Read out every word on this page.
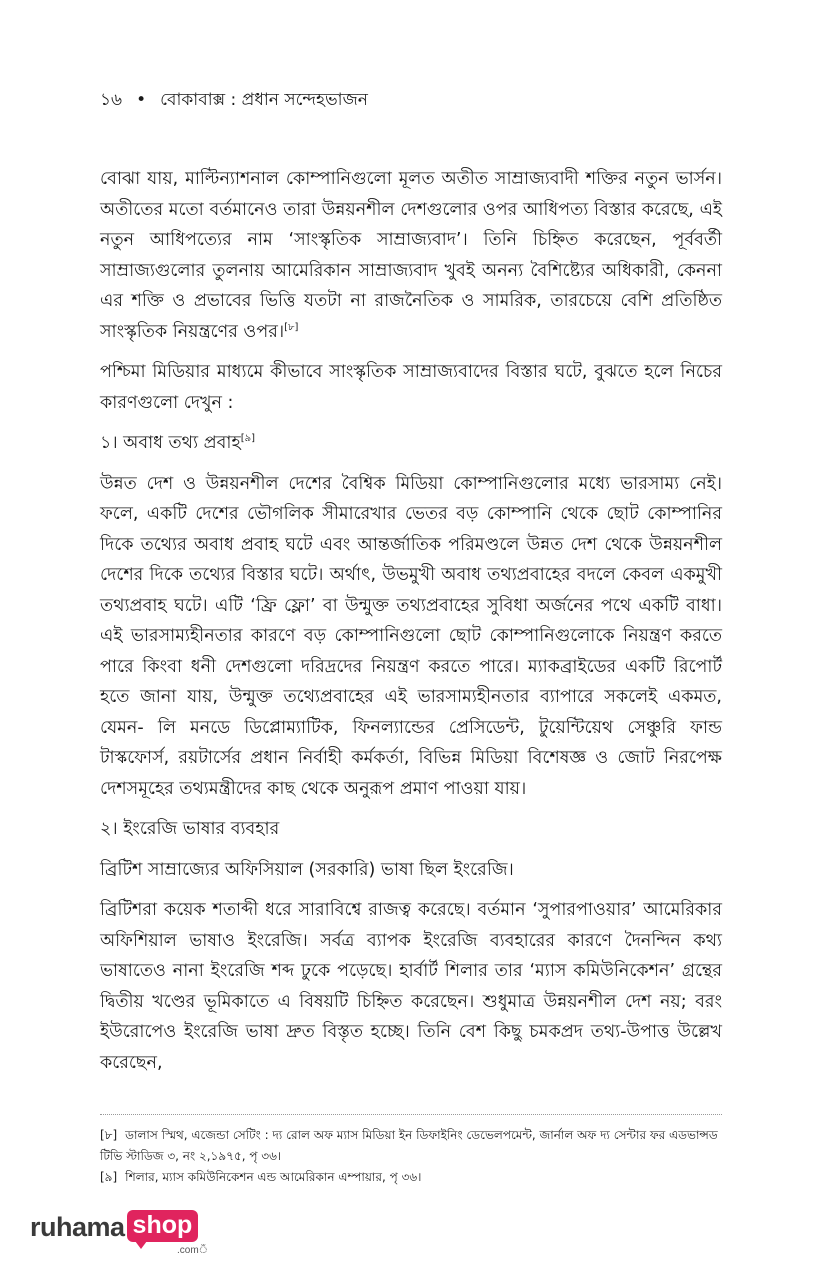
১৬ • বোকাবাক্স : প্রধান সন্দেহভাজন

বোঝা যায়, মাল্টিন্যাশনাল কোম্পানিগুলো মূলত অতীত সাম্রাজ্যবাদী শক্তির নতুন ভার্সন। অতীতের মতো বর্তমানেও তারা উন্নয়নশীল দেশগুলোর ওপর আধিপত্য বিস্তার করেছে, এই নতুন আধিপত্যের নাম ‘সাংস্কৃতিক সাম্রাজ্যবাদ’। তিনি চিহ্নিত করেছেন, পূর্ববর্তী সাম্রাজ্যগুলোর তুলনায় আমেরিকান সাম্রাজ্যবাদ খুবই অনন্য বৈশিষ্ট্যের অধিকারী, কেননা এর শক্তি ও প্রভাবের ভিত্তি যতটা না রাজনৈতিক ও সামরিক, তারচেয়ে বেশি প্রতিষ্ঠিত সাংস্কৃতিক নিয়ন্ত্রণের ওপর।[৮]

পশ্চিমা মিডিয়ার মাধ্যমে কীভাবে সাংস্কৃতিক সাম্রাজ্যবাদের বিস্তার ঘটে, বুঝতে হলে নিচের কারণগুলো দেখুন :

১। অবাধ তথ্য প্রবাহ[৯]

উন্নত দেশ ও উন্নয়নশীল দেশের বৈশ্বিক মিডিয়া কোম্পানিগুলোর মধ্যে ভারসাম্য নেই। ফলে, একটি দেশের ভৌগলিক সীমারেখার ভেতর বড় কোম্পানি থেকে ছোট কোম্পানির দিকে তথ্যের অবাধ প্রবাহ ঘটে এবং আন্তর্জাতিক পরিমণ্ডলে উন্নত দেশ থেকে উন্নয়নশীল দেশের দিকে তথ্যের বিস্তার ঘটে। অর্থাৎ, উভমুখী অবাধ তথ্যপ্রবাহের বদলে কেবল একমুখী তথ্যপ্রবাহ ঘটে। এটি ‘ফ্রি ফ্লো’ বা উন্মুক্ত তথ্যপ্রবাহের সুবিধা অর্জনের পথে একটি বাধা। এই ভারসাম্যহীনতার কারণে বড় কোম্পানিগুলো ছোট কোম্পানিগুলোকে নিয়ন্ত্রণ করতে পারে কিংবা ধনী দেশগুলো দরিদ্রদের নিয়ন্ত্রণ করতে পারে। ম্যাকব্রাইডের একটি রিপোর্ট হতে জানা যায়, উন্মুক্ত তথ্যেপ্রবাহের এই ভারসাম্যহীনতার ব্যাপারে সকলেই একমত, যেমন- লি মনডে ডিপ্লোম্যাটিক, ফিনল্যান্ডের প্রেসিডেন্ট, টুয়েন্টিয়েথ সেঞ্চুরি ফান্ড টাস্কফোর্স, রয়টার্সের প্রধান নির্বাহী কর্মকর্তা, বিভিন্ন মিডিয়া বিশেষজ্ঞ ও জোট নিরপেক্ষ দেশসমূহের তথ্যমন্ত্রীদের কাছ থেকে অনুরূপ প্রমাণ পাওয়া যায়।

২। ইংরেজি ভাষার ব্যবহার

ব্রিটিশ সাম্রাজ্যের অফিসিয়াল (সরকারি) ভাষা ছিল ইংরেজি।

ব্রিটিশরা কয়েক শতাব্দী ধরে সারাবিশ্বে রাজত্ব করেছে। বর্তমান ‘সুপারপাওয়ার’ আমেরিকার অফিশিয়াল ভাষাও ইংরেজি। সর্বত্র ব্যাপক ইংরেজি ব্যবহারের কারণে দৈনন্দিন কথ্য ভাষাতেও নানা ইংরেজি শব্দ ঢুকে পড়েছে। হার্বার্ট শিলার তার ‘ম্যাস কমিউনিকেশন’ গ্রন্থের দ্বিতীয় খণ্ডের ভূমিকাতে এ বিষয়টি চিহ্নিত করেছেন। শুধুমাত্র উন্নয়নশীল দেশ নয়; বরং ইউরোপেও ইংরেজি ভাষা দ্রুত বিস্তৃত হচ্ছে। তিনি বেশ কিছু চমকপ্রদ তথ্য-উপাত্ত উল্লেখ করেছেন,

[৮] ডালাস স্মিথ, এজেন্ডা সেটিং : দ্য রোল অফ ম্যাস মিডিয়া ইন ডিফাইনিং ডেভেলপমেন্ট, জার্নাল অফ দ্য সেন্টার ফর এডভান্সড টিভি স্টাডিজ ৩, নং ২,১৯৭৫, পৃ ৩৬।

[৯] শিলার, ম্যাস কমিউনিকেশন এন্ড আমেরিকান এম্পায়ার, পৃ ৩৬।

ruhama shop
.comঁ
